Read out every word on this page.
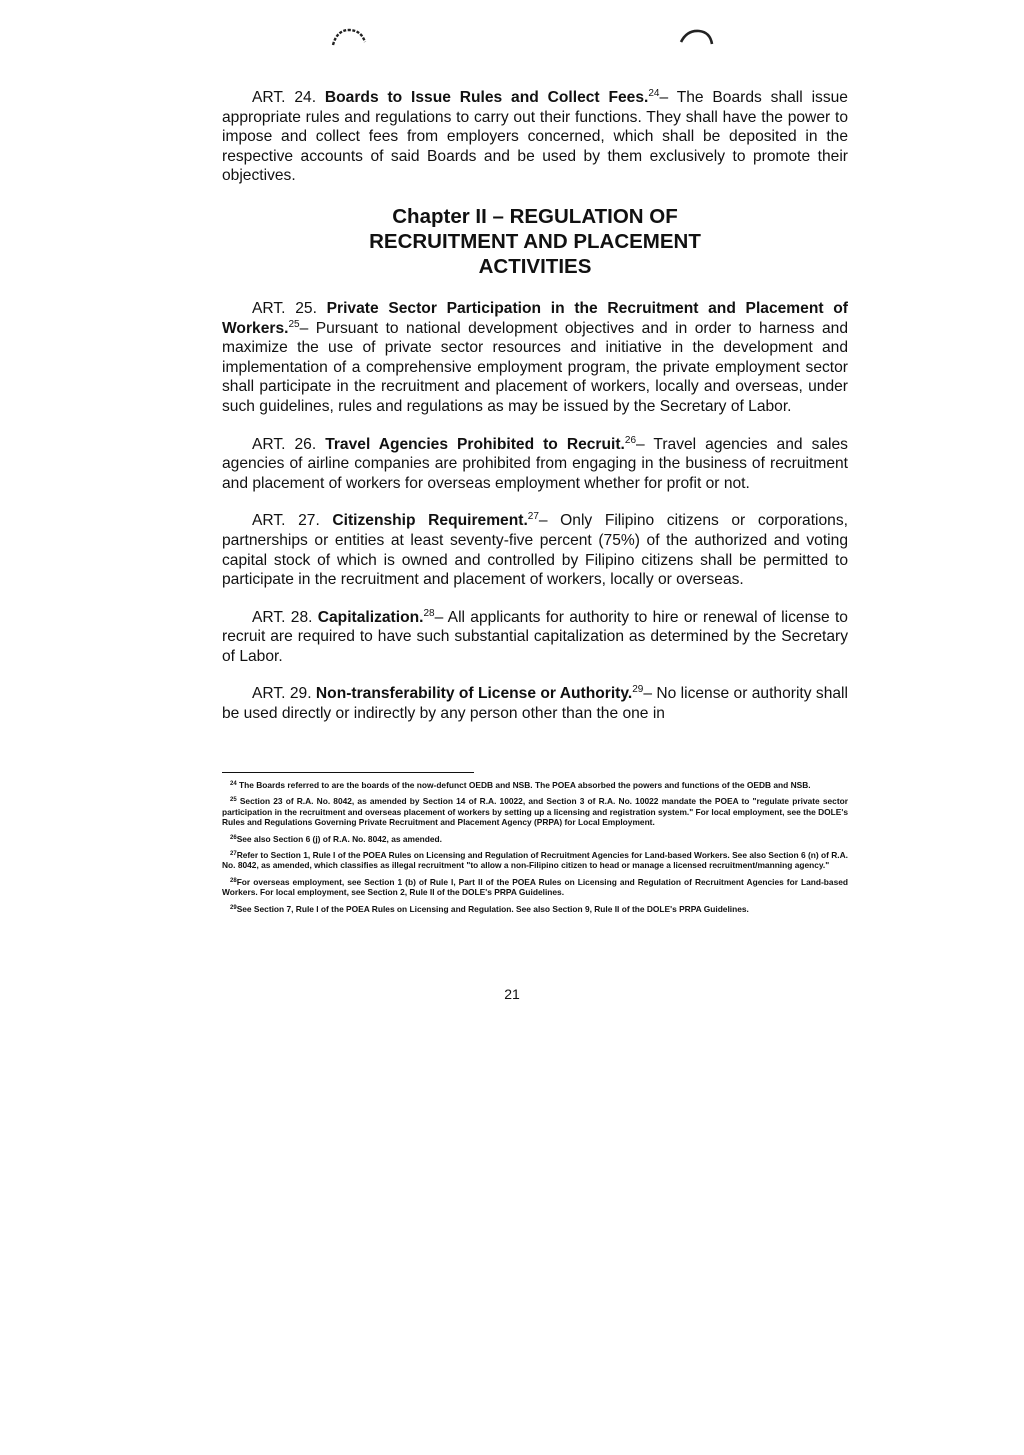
ART. 24. Boards to Issue Rules and Collect Fees.$^{24}$– The Boards shall issue appropriate rules and regulations to carry out their functions. They shall have the power to impose and collect fees from employers concerned, which shall be deposited in the respective accounts of said Boards and be used by them exclusively to promote their objectives.

Chapter II – REGULATION OF
RECRUITMENT AND PLACEMENT
ACTIVITIES

ART. 25. Private Sector Participation in the Recruitment and Placement of Workers.$^{25}$– Pursuant to national development objectives and in order to harness and maximize the use of private sector resources and initiative in the development and implementation of a comprehensive employment program, the private employment sector shall participate in the recruitment and placement of workers, locally and overseas, under such guidelines, rules and regulations as may be issued by the Secretary of Labor.

ART. 26. Travel Agencies Prohibited to Recruit.$^{26}$– Travel agencies and sales agencies of airline companies are prohibited from engaging in the business of recruitment and placement of workers for overseas employment whether for profit or not.

ART. 27. Citizenship Requirement.$^{27}$– Only Filipino citizens or corporations, partnerships or entities at least seventy-five percent (75%) of the authorized and voting capital stock of which is owned and controlled by Filipino citizens shall be permitted to participate in the recruitment and placement of workers, locally or overseas.

ART. 28. Capitalization.$^{28}$– All applicants for authority to hire or renewal of license to recruit are required to have such substantial capitalization as determined by the Secretary of Labor.

ART. 29. Non-transferability of License or Authority.$^{29}$– No license or authority shall be used directly or indirectly by any person other than the one in

$^{24}$ The Boards referred to are the boards of the now-defunct OEDB and NSB. The POEA absorbed the powers and functions of the OEDB and NSB.

$^{25}$ Section 23 of R.A. No. 8042, as amended by Section 14 of R.A. 10022, and Section 3 of R.A. No. 10022 mandate the POEA to "regulate private sector participation in the recruitment and overseas placement of workers by setting up a licensing and registration system." For local employment, see the DOLE's Rules and Regulations Governing Private Recruitment and Placement Agency (PRPA) for Local Employment.

$^{26}$See also Section 6 (j) of R.A. No. 8042, as amended.

$^{27}$Refer to Section 1, Rule I of the POEA Rules on Licensing and Regulation of Recruitment Agencies for Land-based Workers. See also Section 6 (n) of R.A. No. 8042, as amended, which classifies as illegal recruitment "to allow a non-Filipino citizen to head or manage a licensed recruitment/manning agency."

$^{28}$For overseas employment, see Section 1 (b) of Rule I, Part II of the POEA Rules on Licensing and Regulation of Recruitment Agencies for Land-based Workers. For local employment, see Section 2, Rule II of the DOLE's PRPA Guidelines.

$^{29}$See Section 7, Rule I of the POEA Rules on Licensing and Regulation. See also Section 9, Rule II of the DOLE's PRPA Guidelines.

21
